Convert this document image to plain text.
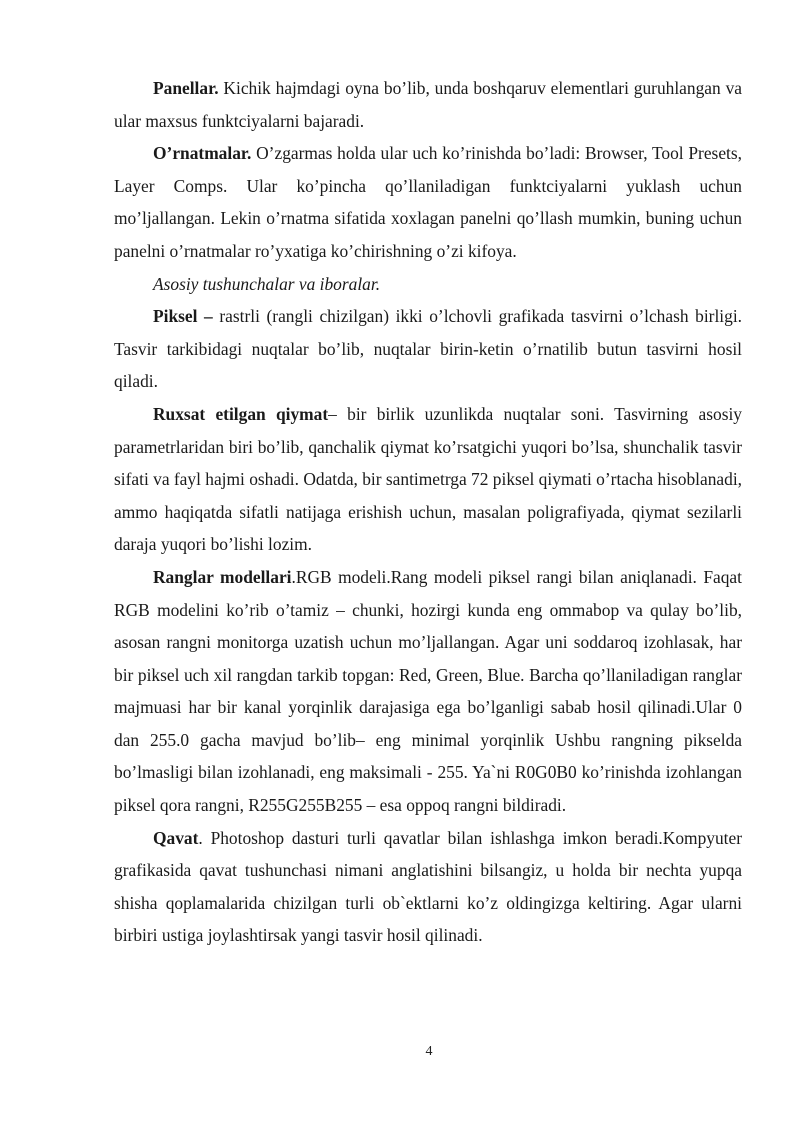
Panellar. Kichik hajmdagi oyna bo’lib, unda boshqaruv elementlari guruhlangan va ular maxsus funktciyalarni bajaradi.

O’rnatmalar. O’zgarmas holda ular uch ko’rinishda bo’ladi: Browser, Tool Presets, Layer Comps. Ular ko’pincha qo’llaniladigan funktciyalarni yuklash uchun mo’ljallangan. Lekin o’rnatma sifatida xoxlagan panelni qo’llash mumkin, buning uchun panelni o’rnatmalar ro’yxatiga ko’chirishning o’zi kifoya.

Asosiy tushunchalar va iboralar.

Piksel – rastrli (rangli chizilgan) ikki o’lchovli grafikada tasvirni o’lchash birligi. Tasvir tarkibidagi nuqtalar bo’lib, nuqtalar birin-ketin o’rnatilib butun tasvirni hosil qiladi.

Ruxsat etilgan qiymat– bir birlik uzunlikda nuqtalar soni. Tasvirning asosiy parametrlaridan biri bo’lib, qanchalik qiymat ko’rsatgichi yuqori bo’lsa, shunchalik tasvir sifati va fayl hajmi oshadi. Odatda, bir santimetrga 72 piksel qiymati o’rtacha hisoblanadi, ammo haqiqatda sifatli natijaga erishish uchun, masalan poligrafiyada, qiymat sezilarli daraja yuqori bo’lishi lozim.

Ranglar modellari.RGB modeli.Rang modeli piksel rangi bilan aniqlanadi. Faqat RGB modelini ko’rib o’tamiz – chunki, hozirgi kunda eng ommabop va qulay bo’lib, asosan rangni monitorga uzatish uchun mo’ljallangan. Agar uni soddaroq izohlasak, har bir piksel uch xil rangdan tarkib topgan: Red, Green, Blue. Barcha qo’llaniladigan ranglar majmuasi har bir kanal yorqinlik darajasiga ega bo’lganligi sabab hosil qilinadi.Ular 0 dan 255.0 gacha mavjud bo’lib– eng minimal yorqinlik Ushbu rangning pikselda bo’lmasligi bilan izohlanadi, eng maksimali - 255. Ya`ni R0G0B0 ko’rinishda izohlangan piksel qora rangni, R255G255B255 – esa oppoq rangni bildiradi.

Qavat. Photoshop dasturi turli qavatlar bilan ishlashga imkon beradi.Kompyuter grafikasida qavat tushunchasi nimani anglatishini bilsangiz, u holda bir nechta yupqa shisha qoplamalarida chizilgan turli ob`ektlarni ko’z oldingizga keltiring. Agar ularni birbiri ustiga joylashtirsak yangi tasvir hosil qilinadi.

4
